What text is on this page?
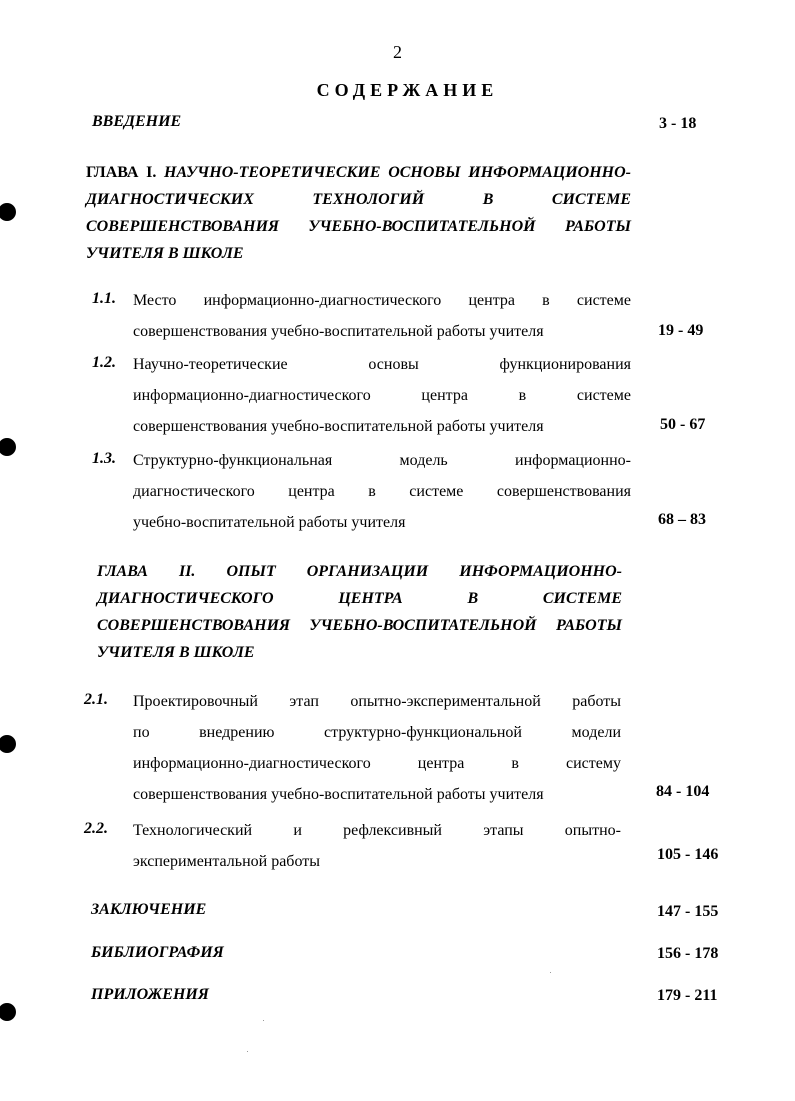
2
СОДЕРЖАНИЕ
ВВЕДЕНИЕ	3 - 18
ГЛАВА I. НАУЧНО-ТЕОРЕТИЧЕСКИЕ ОСНОВЫ ИНФОРМАЦИОННО-
ДИАГНОСТИЧЕСКИХ ТЕХНОЛОГИЙ В СИСТЕМЕ
СОВЕРШЕНСТВОВАНИЯ УЧЕБНО-ВОСПИТАТЕЛЬНОЙ РАБОТЫ
УЧИТЕЛЯ В ШКОЛЕ
1.1. Место информационно-диагностического центра в системе
совершенствования учебно-воспитательной работы учителя	19 - 49
1.2. Научно-теоретические основы функционирования
информационно-диагностического центра в системе
совершенствования учебно-воспитательной работы учителя	50 - 67
1.3. Структурно-функциональная модель информационно-
диагностического центра в системе совершенствования
учебно-воспитательной работы учителя	68 – 83
ГЛАВА II. ОПЫТ ОРГАНИЗАЦИИ ИНФОРМАЦИОННО-
ДИАГНОСТИЧЕСКОГО ЦЕНТРА В СИСТЕМЕ
СОВЕРШЕНСТВОВАНИЯ УЧЕБНО-ВОСПИТАТЕЛЬНОЙ РАБОТЫ
УЧИТЕЛЯ В ШКОЛЕ
2.1. Проектировочный этап опытно-экспериментальной работы
по внедрению структурно-функциональной модели
информационно-диагностического центра в систему
совершенствования учебно-воспитательной работы учителя	84 - 104
2.2. Технологический и рефлексивный этапы опытно-
экспериментальной работы	105 - 146
ЗАКЛЮЧЕНИЕ	147 - 155
БИБЛИОГРАФИЯ	156 - 178
ПРИЛОЖЕНИЯ	179 - 211
